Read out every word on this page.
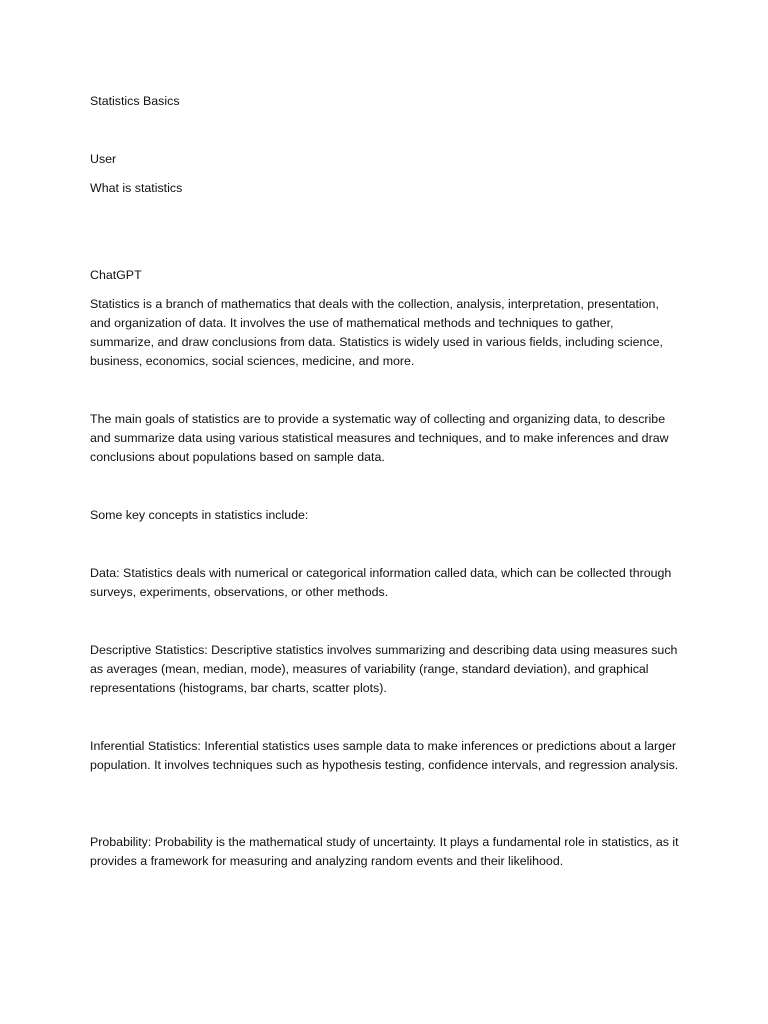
Statistics Basics

User

What is statistics

ChatGPT

Statistics is a branch of mathematics that deals with the collection, analysis, interpretation, presentation, and organization of data. It involves the use of mathematical methods and techniques to gather, summarize, and draw conclusions from data. Statistics is widely used in various fields, including science, business, economics, social sciences, medicine, and more.

The main goals of statistics are to provide a systematic way of collecting and organizing data, to describe and summarize data using various statistical measures and techniques, and to make inferences and draw conclusions about populations based on sample data.

Some key concepts in statistics include:

Data: Statistics deals with numerical or categorical information called data, which can be collected through surveys, experiments, observations, or other methods.

Descriptive Statistics: Descriptive statistics involves summarizing and describing data using measures such as averages (mean, median, mode), measures of variability (range, standard deviation), and graphical representations (histograms, bar charts, scatter plots).

Inferential Statistics: Inferential statistics uses sample data to make inferences or predictions about a larger population. It involves techniques such as hypothesis testing, confidence intervals, and regression analysis.

Probability: Probability is the mathematical study of uncertainty. It plays a fundamental role in statistics, as it provides a framework for measuring and analyzing random events and their likelihood.
